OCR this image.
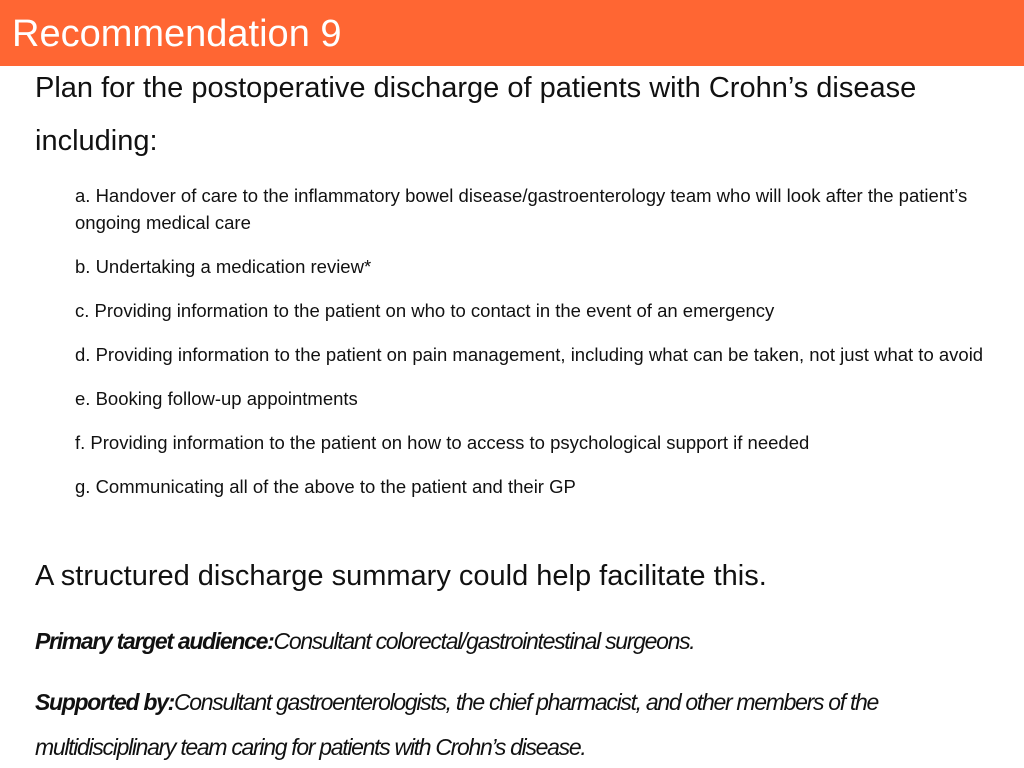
Recommendation 9
Plan for the postoperative discharge of patients with Crohn’s disease including:
a. Handover of care to the inflammatory bowel disease/gastroenterology team who will look after the patient’s ongoing medical care
b. Undertaking a medication review*
c. Providing information to the patient on who to contact in the event of an emergency
d. Providing information to the patient on pain management, including what can be taken, not just what to avoid
e. Booking follow-up appointments
f. Providing information to the patient on how to access to psychological support if needed
g. Communicating all of the above to the patient and their GP
A structured discharge summary could help facilitate this.
Primary target audience:Consultant colorectal/gastrointestinal surgeons.
Supported by:Consultant gastroenterologists, the chief pharmacist, and other members of the multidisciplinary team caring for patients with Crohn’s disease.
